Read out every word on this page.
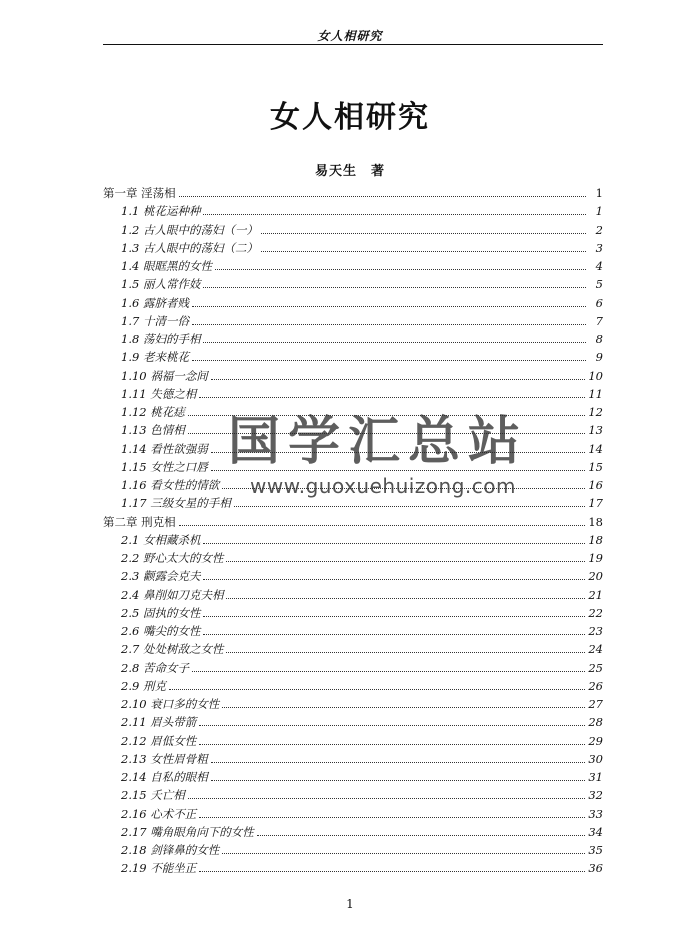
女人相研究
女人相研究
易天生　著
第一章 淫荡相	1
1.1 桃花运种种	1
1.2 古人眼中的荡妇（一）	2
1.3 古人眼中的荡妇（二）	3
1.4 眼眶黑的女性	4
1.5 丽人常作妓	5
1.6 露脐者贱	6
1.7 十清一俗	7
1.8 荡妇的手相	8
1.9 老来桃花	9
1.10 祸福一念间	10
1.11 失德之相	11
1.12 桃花痣	12
1.13 色情相	13
1.14 看性欲强弱	14
1.15 女性之口唇	15
1.16 看女性的情欲	16
1.17 三级女星的手相	17
第二章 刑克相	18
2.1 女相藏杀机	18
2.2 野心太大的女性	19
2.3 颧露会克夫	20
2.4 鼻削如刀克夫相	21
2.5 固执的女性	22
2.6 嘴尖的女性	23
2.7 处处树敌之女性	24
2.8 苦命女子	25
2.9 刑克	26
2.10 衰口多的女性	27
2.11 眉头带箭	28
2.12 眉低女性	29
2.13 女性眉骨粗	30
2.14 自私的眼相	31
2.15 夭亡相	32
2.16 心术不正	33
2.17 嘴角眼角向下的女性	34
2.18 剑锋鼻的女性	35
2.19 不能坐正	36
国学汇总站
www.guoxuehuizong.com
1
